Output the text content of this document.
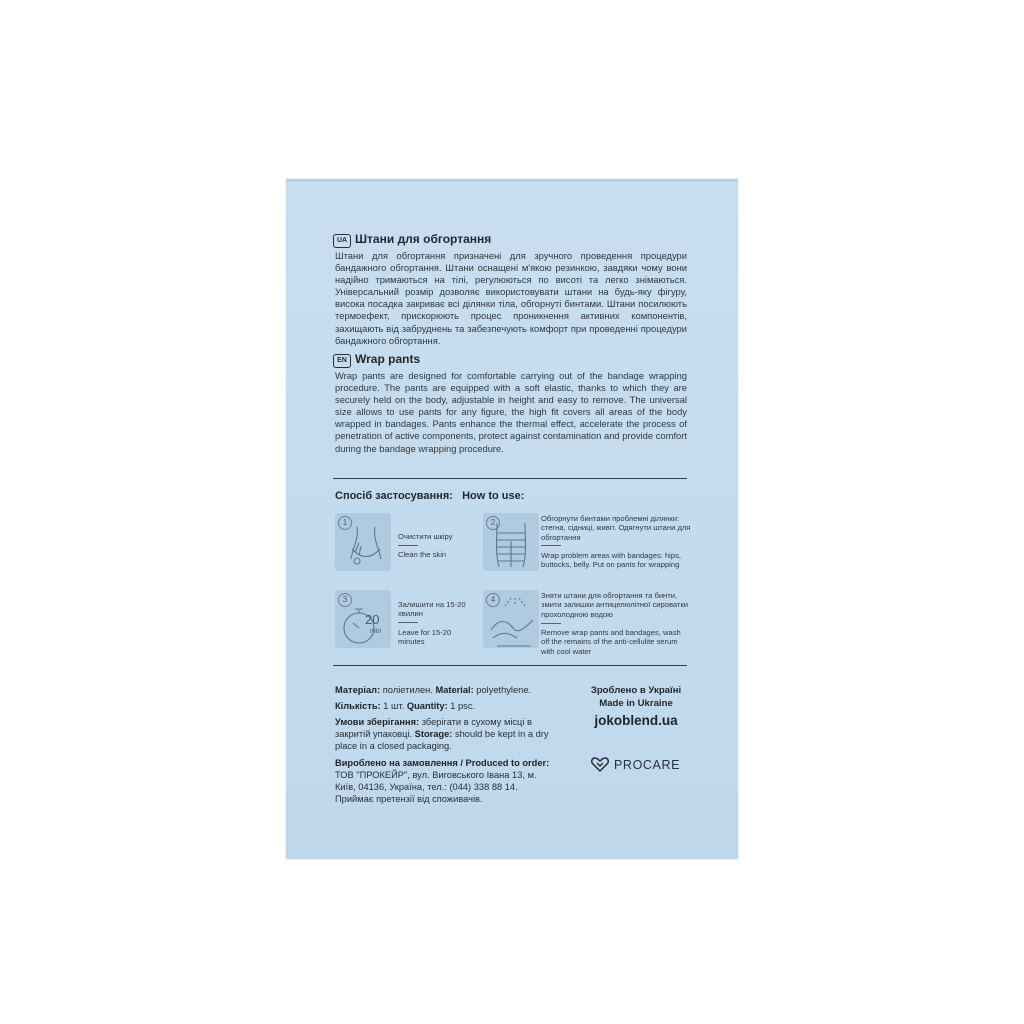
UA Штани для обгортання
Штани для обгортання призначені для зручного проведення процедури бандажного обгортання. Штани оснащені м'якою резинкою, завдяки чому вони надійно тримаються на тілі, регулюються по висоті та легко знімаються. Універсальний розмір дозволяє використовувати штани на будь-яку фігуру, висока посадка закриває всі ділянки тіла, обгорнуті бинтами. Штани посилюють термоефект, прискорюють процес проникнення активних компонентів, захищають від забруднень та забезпечують комфорт при проведенні процедури бандажного обгортання.
EN Wrap pants
Wrap pants are designed for comfortable carrying out of the bandage wrapping procedure. The pants are equipped with a soft elastic, thanks to which they are securely held on the body, adjustable in height and easy to remove. The universal size allows to use pants for any figure, the high fit covers all areas of the body wrapped in bandages. Pants enhance the thermal effect, accelerate the process of penetration of active components, protect against contamination and provide comfort during the bandage wrapping procedure.
Спосіб застосування: How to use:
1
Очистити шкіру
Clean the skin
2	Обгорнути бинтами проблемні ділянки: стегна, сідниці, живіт. Одягнути штани для обгортання
Wrap problem areas with bandages: hips, buttocks, belly. Put on pants for wrapping
3
20
min
Залишити на 15-20 хвилин
Leave for 15-20 minutes
4	Зняти штани для обгортання та бинти, змити залишки антицелюлітної сироватки прохолодною водою
Remove wrap pants and bandages, wash off the remains of the anti-cellulite serum with cool water
Матеріал: поліетилен. Material: polyethylene.
Кількість: 1 шт. Quantity: 1 psc.
Умови зберігання: зберігати в сухому місці в закритій упаковці. Storage: should be kept in a dry place in a closed packaging.
Вироблено на замовлення / Produced to order: ТОВ "ПРОКЕЙР", вул. Виговського Івана 13, м. Київ, 04136, Україна, тел.: (044) 338 88 14. Приймає претензії від споживачів.
Зроблено в Україні
Made in Ukraine
jokoblend.ua
PROCARE
